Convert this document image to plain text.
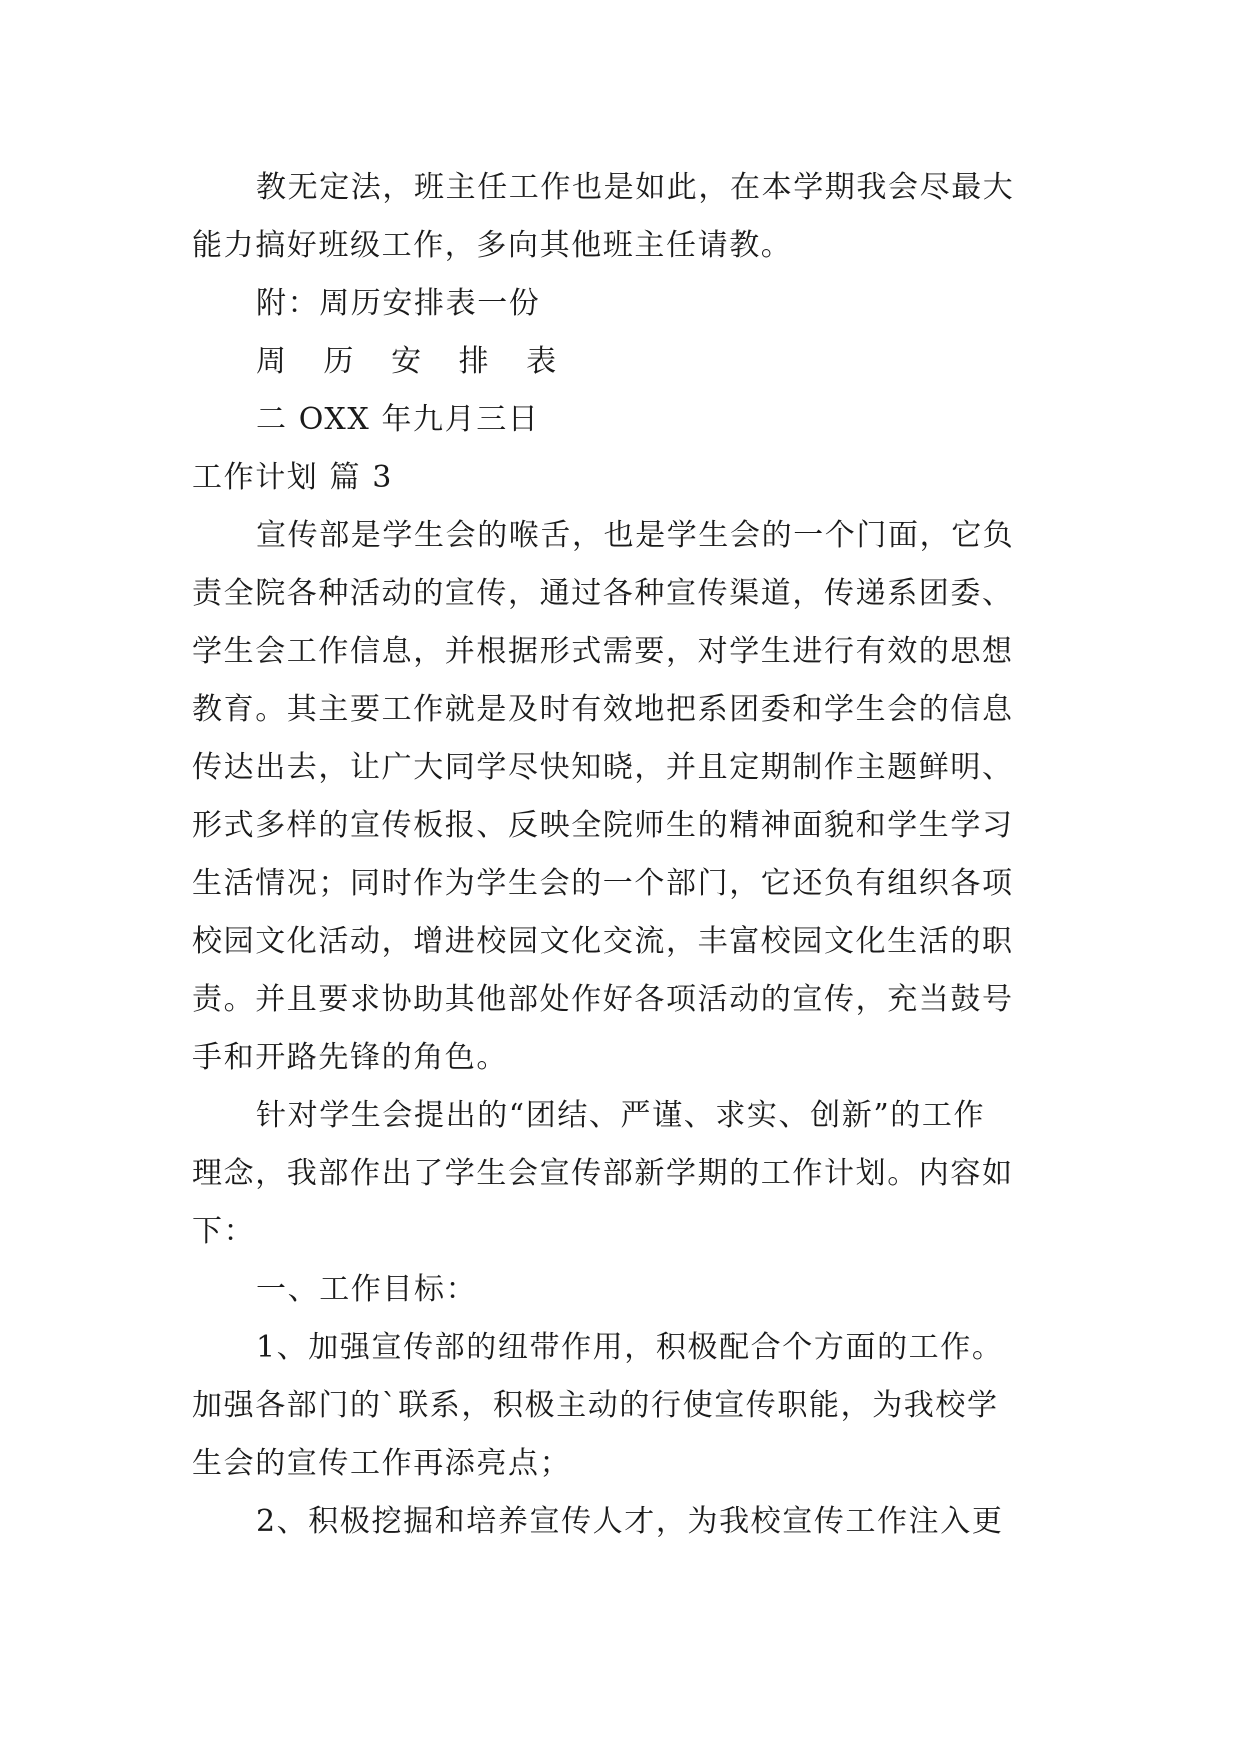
教无定法，班主任工作也是如此，在本学期我会尽最大
能力搞好班级工作，多向其他班主任请教。
附：周历安排表一份
周 历 安 排 表
二 OXX 年九月三日
工作计划 篇 3
宣传部是学生会的喉舌，也是学生会的一个门面，它负
责全院各种活动的宣传，通过各种宣传渠道，传递系团委、
学生会工作信息，并根据形式需要，对学生进行有效的思想
教育。其主要工作就是及时有效地把系团委和学生会的信息
传达出去，让广大同学尽快知晓，并且定期制作主题鲜明、
形式多样的宣传板报、反映全院师生的精神面貌和学生学习
生活情况；同时作为学生会的一个部门，它还负有组织各项
校园文化活动，增进校园文化交流，丰富校园文化生活的职
责。并且要求协助其他部处作好各项活动的宣传，充当鼓号
手和开路先锋的角色。
针对学生会提出的“团结、严谨、求实、创新”的工作
理念，我部作出了学生会宣传部新学期的工作计划。内容如
下：
一、工作目标：
1、加强宣传部的纽带作用，积极配合个方面的工作。
加强各部门的`联系，积极主动的行使宣传职能，为我校学
生会的宣传工作再添亮点；
2、积极挖掘和培养宣传人才，为我校宣传工作注入更
